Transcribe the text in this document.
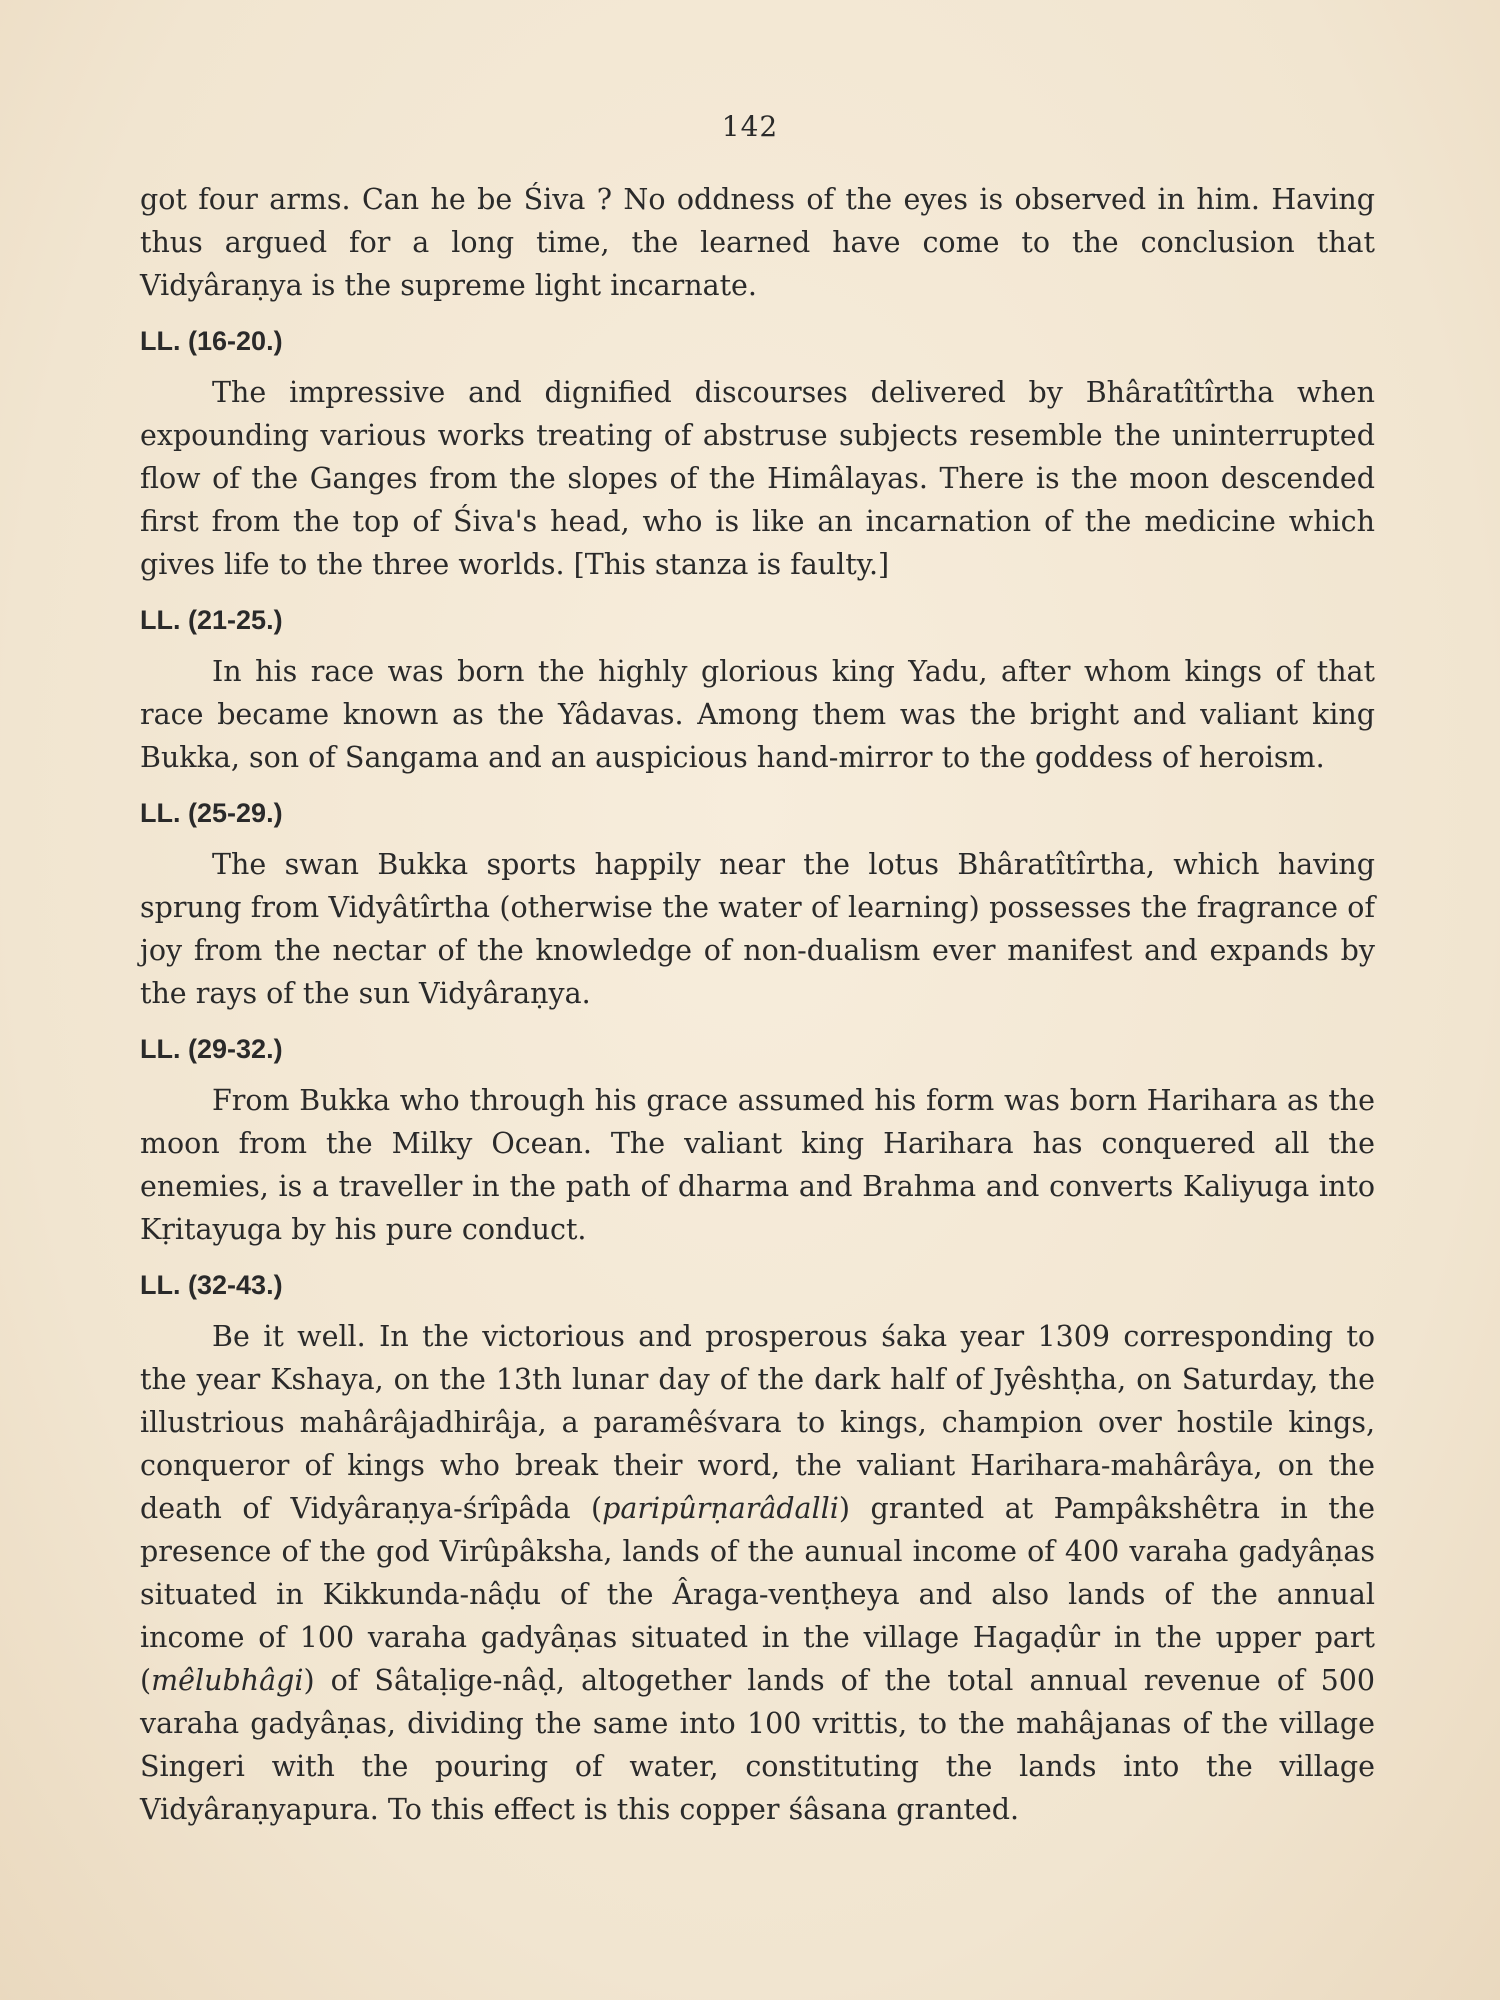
142

got four arms. Can he be Śiva ? No oddness of the eyes is observed in him. Having thus argued for a long time, the learned have come to the conclusion that Vidyâraṇya is the supreme light incarnate.

LL. (16-20.)

The impressive and dignified discourses delivered by Bhâratîtîrtha when expounding various works treating of abstruse subjects resemble the uninterrupted flow of the Ganges from the slopes of the Himâlayas. There is the moon descended first from the top of Śiva's head, who is like an incarnation of the medicine which gives life to the three worlds. [This stanza is faulty.]

LL. (21-25.)

In his race was born the highly glorious king Yadu, after whom kings of that race became known as the Yâdavas. Among them was the bright and valiant king Bukka, son of Sangama and an auspicious hand-mirror to the goddess of heroism.

LL. (25-29.)

The swan Bukka sports happily near the lotus Bhâratîtîrtha, which having sprung from Vidyâtîrtha (otherwise the water of learning) possesses the fragrance of joy from the nectar of the knowledge of non-dualism ever manifest and expands by the rays of the sun Vidyâraṇya.

LL. (29-32.)

From Bukka who through his grace assumed his form was born Harihara as the moon from the Milky Ocean. The valiant king Harihara has conquered all the enemies, is a traveller in the path of dharma and Brahma and converts Kaliyuga into Kṛitayuga by his pure conduct.

LL. (32-43.)

Be it well. In the victorious and prosperous śaka year 1309 corresponding to the year Kshaya, on the 13th lunar day of the dark half of Jyêshṭha, on Saturday, the illustrious mahârâjadhirâja, a paramêśvara to kings, champion over hostile kings, conqueror of kings who break their word, the valiant Harihara-mahârâya, on the death of Vidyâraṇya-śrîpâda (paripûrṇarâdalli) granted at Pampâkshêtra in the presence of the god Virûpâksha, lands of the aunual income of 400 varaha gadyâṇas situated in Kikkunda-nâḍu of the Âraga-venṭheya and also lands of the annual income of 100 varaha gadyâṇas situated in the village Hagaḍûr in the upper part (mêlubhâgi) of Sâtaḷige-nâḍ, altogether lands of the total annual revenue of 500 varaha gadyâṇas, dividing the same into 100 vrittis, to the mahâjanas of the village Singeri with the pouring of water, constituting the lands into the village Vidyâraṇyapura. To this effect is this copper śâsana granted.
